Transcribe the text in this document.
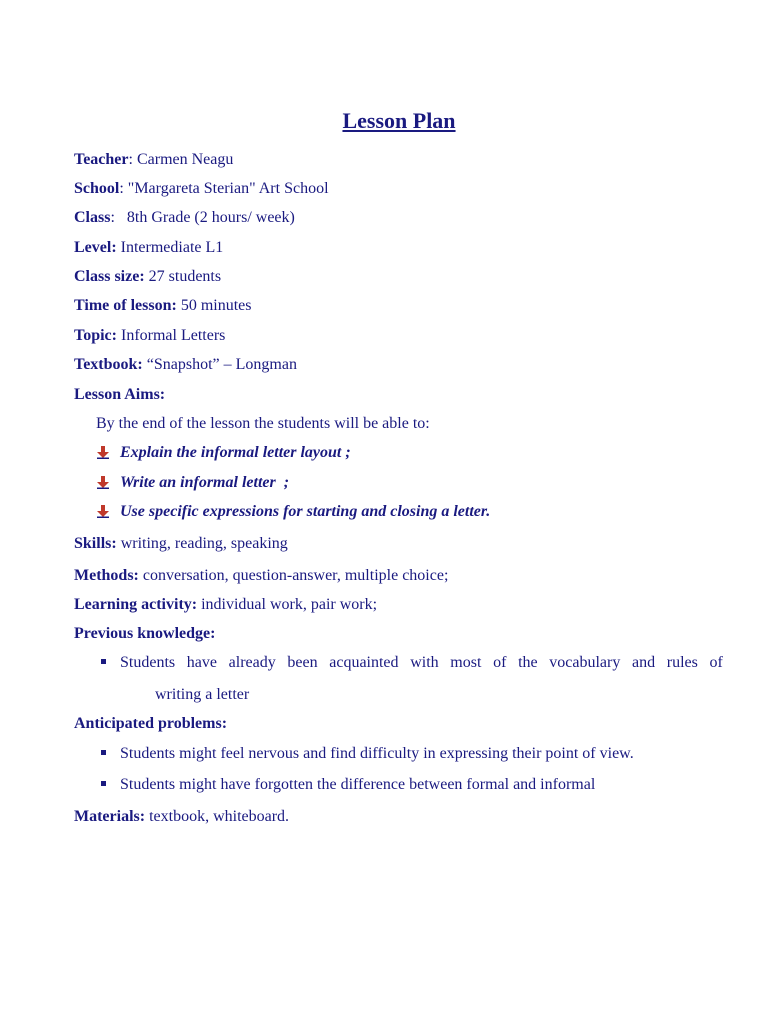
Lesson Plan
Teacher: Carmen Neagu
School: "Margareta Sterian" Art School
Class:   8th Grade (2 hours/ week)
Level: Intermediate L1
Class size: 27 students
Time of lesson: 50 minutes
Topic: Informal Letters
Textbook: “Snapshot” – Longman
Lesson Aims:
By the end of the lesson the students will be able to:
Explain the informal letter layout ;
Write an informal letter  ;
Use specific expressions for starting and closing a letter.
Skills: writing, reading, speaking
Methods: conversation, question-answer, multiple choice;
Learning activity: individual work, pair work;
Previous knowledge:
Students have already been acquainted with most of the vocabulary and rules of
writing a letter
Anticipated problems:
Students might feel nervous and find difficulty in expressing their point of view.
Students might have forgotten the difference between formal and informal
Materials: textbook, whiteboard.
